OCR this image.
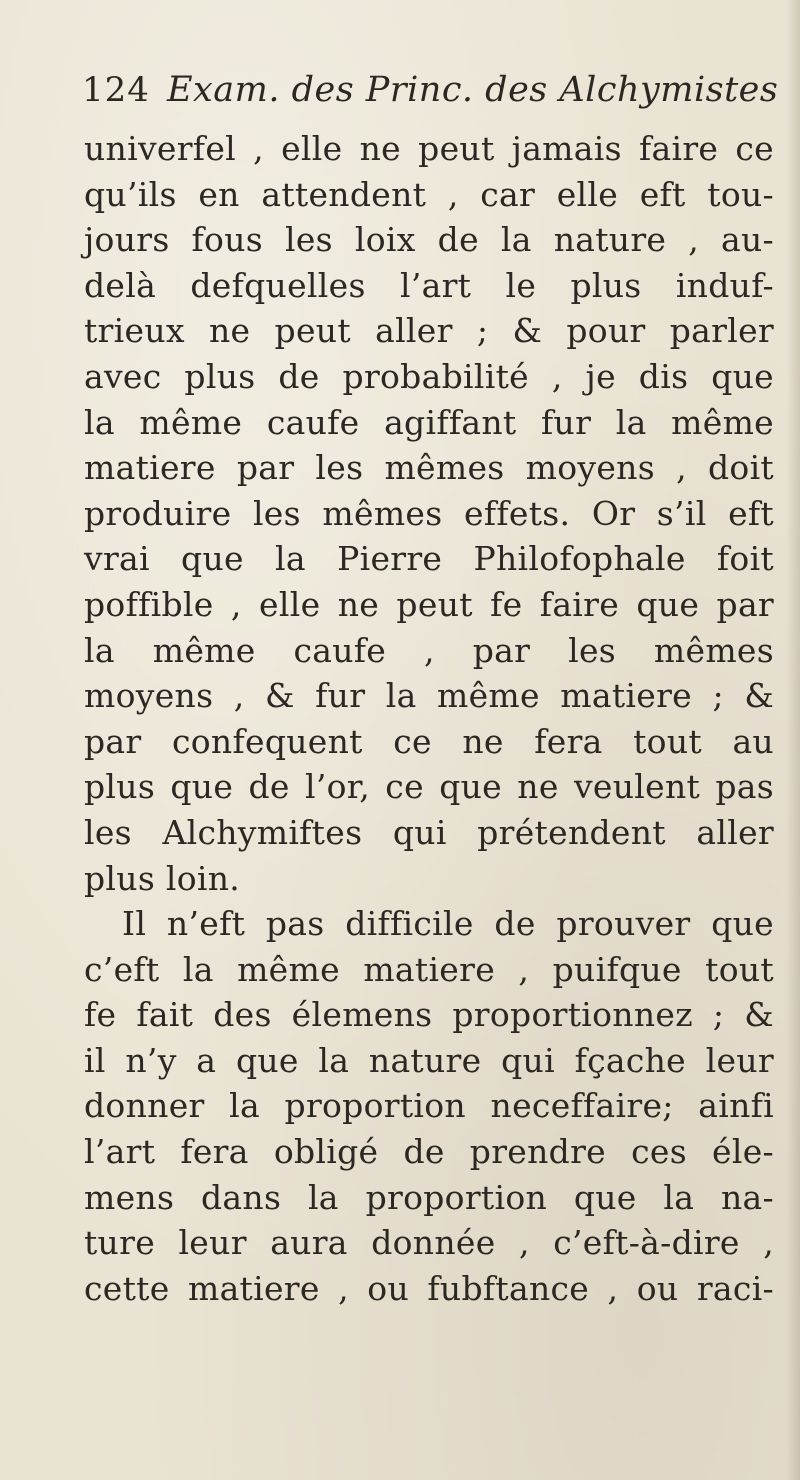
124 Exam. des Princ. des Alchymistes
univerfel , elle ne peut jamais faire ce
qu’ils en attendent , car elle eft tou-
jours fous les loix de la nature , au-
delà defquelles l’art le plus induf-
trieux ne peut aller ; & pour parler
avec plus de probabilité , je dis que
la même caufe agiffant fur la même
matiere par les mêmes moyens , doit
produire les mêmes effets. Or s’il eft
vrai que la Pierre Philofophale foit
poffible , elle ne peut fe faire que par
la même caufe , par les mêmes
moyens , & fur la même matiere ; &
par confequent ce ne fera tout au
plus que de l’or, ce que ne veulent pas
les Alchymiftes qui prétendent aller
plus loin.
Il n’eft pas difficile de prouver que
c’eft la même matiere , puifque tout
fe fait des élemens proportionnez ; &
il n’y a que la nature qui fçache leur
donner la proportion neceffaire; ainfi
l’art fera obligé de prendre ces éle-
mens dans la proportion que la na-
ture leur aura donnée , c’eft-à-dire ,
cette matiere , ou fubftance , ou raci-
